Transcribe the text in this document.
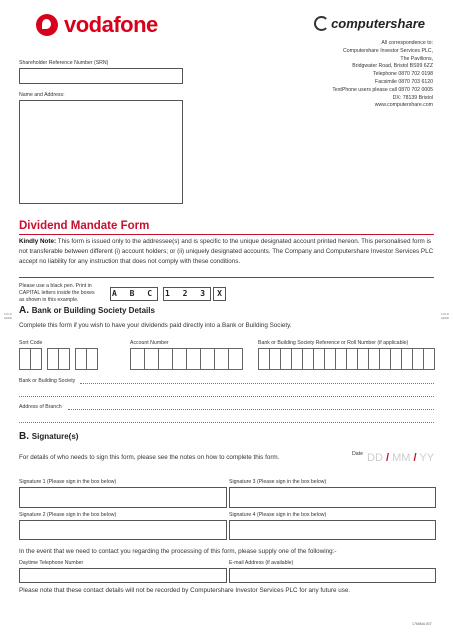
vodafone	computershare
All correspondence to:
Computershare Investor Services PLC,
The Pavilions,
Bridgwater Road, Bristol BS99 6ZZ
Telephone 0870 702 0198
Facsimile 0870 703 6120
TextPhone users please call 0870 702 0005
DX: 78139 Bristol
www.computershare.com
Shareholder Reference Number (SRN)
Name and Address:
Dividend Mandate Form
Kindly Note: This form is issued only to the addressee(s) and is specific to the unique designated account printed hereon. This personalised form is not transferable between different (i) account holders; or (ii) uniquely designated accounts. The Company and Computershare Investor Services PLC accept no liability for any instruction that does not comply with these conditions.
Please use a black pen. Print in
CAPITAL letters inside the boxes
as shown in this example.
A B C 1 2 3	X
FOLD HERE
FOLD HERE
A. Bank or Building Society Details
Complete this form if you wish to have your dividends paid directly into a Bank or Building Society.
Sort Code	Account Number	Bank or Building Society Reference or Roll Number (if applicable)
Bank or Building Society
Address of Branch
B. Signature(s)
For details of who needs to sign this form, please see the notes on how to complete this form.	Date DD / MM / YY
Signature 1 (Please sign in the box below)	Signature 3 (Please sign in the box below)
Signature 2 (Please sign in the box below)	Signature 4 (Please sign in the box below)
In the event that we need to contact you regarding the processing of this form, please supply one of the following:-
Daytime Telephone Number	E-mail Address (if available)
Please note that these contact details will not be recorded by Computershare Investor Services PLC for any future use.
1766MA 007
